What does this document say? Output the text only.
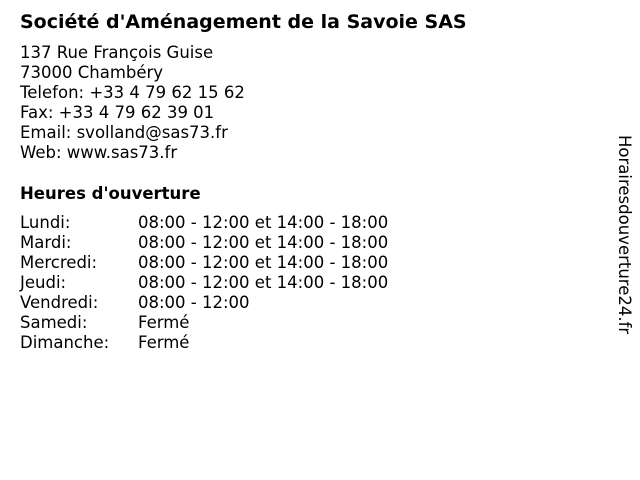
Société d'Aménagement de la Savoie SAS
137 Rue François Guise
73000 Chambéry
Telefon: +33 4 79 62 15 62
Fax: +33 4 79 62 39 01
Email: svolland@sas73.fr
Web: www.sas73.fr
Heures d'ouverture
Lundi:	08:00 - 12:00 et 14:00 - 18:00
Mardi:	08:00 - 12:00 et 14:00 - 18:00
Mercredi: 08:00 - 12:00 et 14:00 - 18:00
Jeudi:	08:00 - 12:00 et 14:00 - 18:00
Vendredi: 08:00 - 12:00
Samedi:	Fermé
Dimanche: Fermé
Horairesdouverture24.fr
